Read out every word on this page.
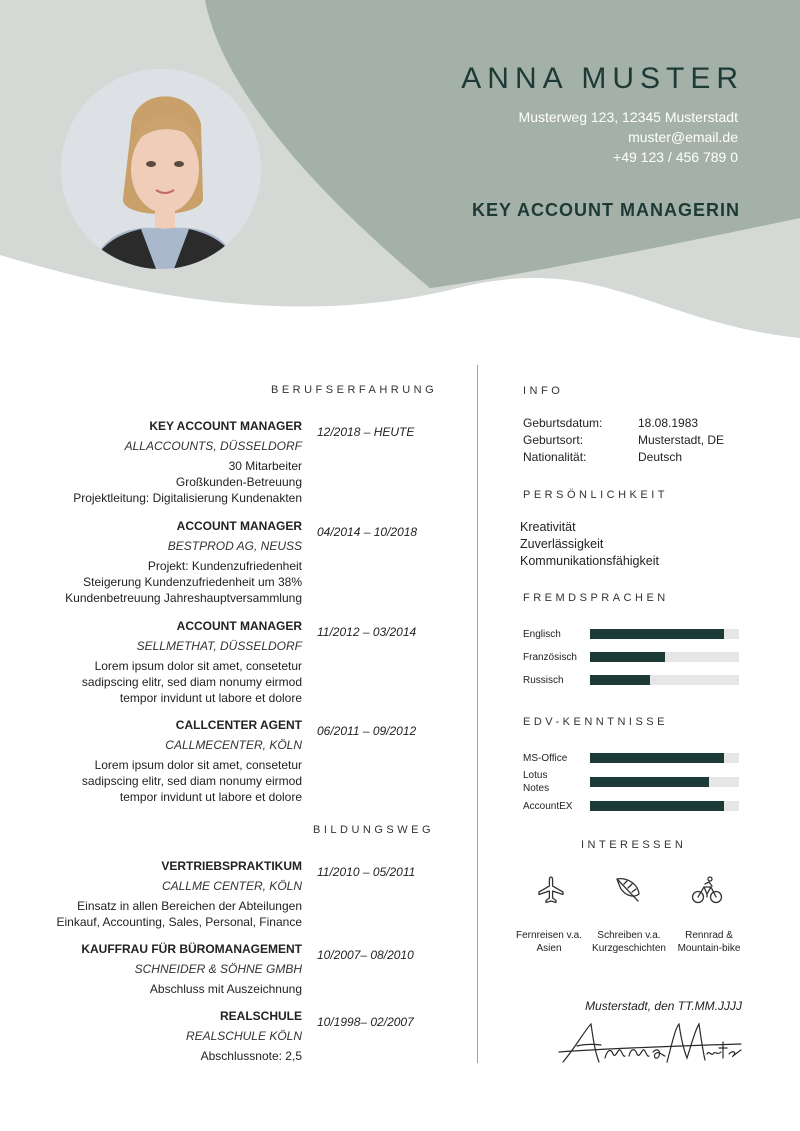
ANNA MUSTER
Musterweg 123, 12345 Musterstadt
muster@email.de
+49 123 / 456 789 0
KEY ACCOUNT MANAGERIN
BERUFSERFAHRUNG
KEY ACCOUNT MANAGER
ALLACCOUNTS, DÜSSELDORF
30 Mitarbeiter
Großkunden-Betreuung
Projektleitung: Digitalisierung Kundenakten
12/2018 – HEUTE
ACCOUNT MANAGER
BESTPROD AG, NEUSS
Projekt: Kundenzufriedenheit
Steigerung Kundenzufriedenheit um 38%
Kundenbetreuung Jahreshauptversammlung
04/2014 – 10/2018
ACCOUNT MANAGER
SELLMETHAT, DÜSSELDORF
Lorem ipsum dolor sit amet, consetetur
sadipscing elitr, sed diam nonumy eirmod
tempor invidunt ut labore et dolore
11/2012 – 03/2014
CALLCENTER AGENT
CALLMECENTER, KÖLN
Lorem ipsum dolor sit amet, consetetur
sadipscing elitr, sed diam nonumy eirmod
tempor invidunt ut labore et dolore
06/2011 – 09/2012
BILDUNGSWEG
VERTRIEBSPRAKTIKUM
CALLME CENTER, KÖLN
Einsatz in allen Bereichen der Abteilungen
Einkauf, Accounting, Sales, Personal, Finance
11/2010 – 05/2011
KAUFFRAU FÜR BÜROMANAGEMENT
SCHNEIDER & SÖHNE GMBH
Abschluss mit Auszeichnung
10/2007– 08/2010
REALSCHULE
REALSCHULE KÖLN
Abschlussnote: 2,5
10/1998– 02/2007
INFO
Geburtsdatum:	18.08.1983
Geburtsort:	Musterstadt, DE
Nationalität:	Deutsch
PERSÖNLICHKEIT
Kreativität
Zuverlässigkeit
Kommunikationsfähigkeit
FREMDSPRACHEN
Englisch
Französisch
Russisch
EDV-KENNTNISSE
MS-Office
Lotus Notes
AccountEX
INTERESSEN
Fernreisen v.a. Asien
Schreiben v.a. Kurzgeschichten
Rennrad & Mountain-bike
Musterstadt, den TT.MM.JJJJ
